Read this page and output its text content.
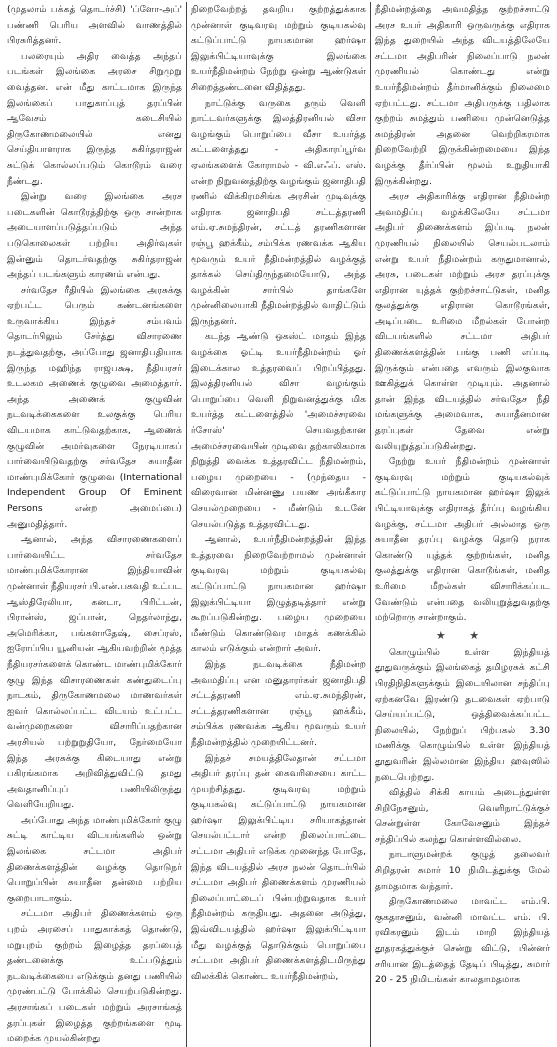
(முதலாம் பக்கத் தொடர்ச்சி) 'ப்ளோ-அப்' பண்ணி பெரிய அளவில் வாணத்தில் பிரசுரித்தனர்.

பலரையும் அதிர வைத்த அந்தப் படங்கள் இலங்கை அரசை சிறுமுறு வைத்தன. என் மீது காட்டமாக இருந்த இலங்கைப் பாதுகாப்புத் தரப்பின் ஆவேசம் கடைசியில் திருகோணமலையில் எனது செய்தியாளராக இருந்த சுகிர்தராஜன் சுட்டுக் கொல்லப்படும் கொடூரம் வரை நீண்டது.

இன்று வரை இலங்கை அரச படைகளின் கொடூரத்திற்கு ஒரு சான்றாக அடையாளப்படுத்தப்படும் அந்த படுகொலைகள் பற்றிய அதிர்வுகள் இன்னும் தொடர்வதற்கு சுகிர்தராஜன் அந்தப் படங்களும் காரணம் என்பது.

சர்வதேச ரீதியில் இலங்கை அரசுக்கு ஏற்பட்ட பெரும் கண்டனங்களை உருவாக்கிய இந்தச் சம்பவம் தொடர்பிலும் சேர்த்து விசாரணை நடத்துவதற்கு, அப்போது ஜனாதிபதியாக இருந்த மஹிந்த ராஜபக்ஷ, நீதியரசர் உடலகம அணைக் குழுவை அமைத்தார். அந்த அணைக் குழுவின் நடவடிக்கைகளை உலகுக்கு பெரிய விடயமாக காட்டுவதற்காக, ஆணைக் குழுவின் அமர்வுகளை நேரடியாகப் பார்வையிடுவதற்கு சர்வதேச சுயாதீன மாண்புமிக்கோர் குழுவை (International Independent Group Of Eminent Persons என்ற அமைப்பை) அனுமதித்தார்.

ஆனால், அந்த விசாரணைகளைப் பார்வையிட்ட சர்வதேச மாண்புமிக்கோரான இந்தியாவின் முன்னாள் நீதியரசர் பி.என்.பகவதி உட்பட ஆஸ்திரேலியா, கனடா, பிரிட்டன், பிரான்ஸ், ஜப்பான், நெதர்லாந்து, அமெரிக்கா, பங்களாதேஷ், சைப்ரஸ், ஐரோப்பிய யூனியன் ஆகியவற்றின் மூத்த நீதியரசர்களைக் கொண்ட மாண்புமிக்கோர் குழு இந்த விசாரணைகள் கண்துடைப்பு நாடகம், திருகோணமலை மாணவர்கள் ஐவர் கொல்லப்பட்ட விடயம் உட்பட்ட வன்முறைகளை விசாரிப்பதற்கான அரசியல் பற்றுறுதியோ, நேர்மையோ இந்த அரசுக்கு கிடையாது என்று பகிரங்கமாக அறிவித்துவிட்டு தமது அவதானிப்புப் பணியிலிருந்து வெளியேறியது.

அப்போது அந்த மாண்புமிக்கோர் குழு சுட்டி காட்டிய விடயங்களில் ஒன்று இலங்கை சட்டமா அதிபர் திணைக்களத்தின் வழக்கு தொடுநர் பொறுப்பின் சுயாதீன தன்மை பற்றிய குறைபாடாகும்.

சட்டமா அதிபர் திணைக்களம் ஒரு புறம் அரசைப் பாதுகாக்கத் தொண்டு, மறுபுறம் குற்றம் இழைத்த தரப்பைத் தண்டனைக்கு உட்படுத்தும் நடவடிக்கையை எடுக்கும் தனது பணியில் முரண்பட்டு போக்கில் செயற்படுகின்றது. அரசாங்கப் படைகள் மற்றும் அரசாங்கத் தரப்புகள் இழைத்த குற்றங்களை மூடி மறைக்க முயல்கின்றது

நிறைவேற்றத் தவறிய குற்றத்துக்காக முன்னாள் குடிவரவு மற்றும் குடியகல்வு கட்டுப்பாட்டு நாயகமான ஹர்ஷா இலுக்பிட்டியாவுக்கு இலங்கை உயர்நீதிமன்றம் நேற்று ஒன்று ஆண்டுகள் சிறைத்தண்டனை விதித்தது.

நாட்டுக்கு வருகை தரும் வெளி நாட்டவர்களுக்கு இலத்திரனியல் விசா வழங்கும் பொறுப்பை வீசா உயர்த்த கட்டளைத்தது - அதிகாரப்பூர்வ ஏலங்களைக் கோராமல் - வி.எஃப். எஸ். என்ற நிறுவனத்திற்கு வழங்கும் ஜனாதிபதி ரணில் விக்கிரமசிங்க அரசின் முடிவுக்கு எதிராக ஜனாதிபதி சட்டத்தரணி எம்.ஏ.சுமந்திரன், சட்டத் தரணிகளான ரஞ்பூ ஹக்கீம், சம்பிக்க ரணவக்க ஆகிய மூவரும் உயர் நீதிமன்றத்தில் வழக்குத் தாக்கல் செய்திருந்தமையோடு, அந்த வழக்கின் சார்பில் தாங்களே முன்னிலையாகி நீதிமன்றத்தில் வாதிட்டும் இருந்தனர்.

கடந்த ஆண்டு ஒகஸ்ட் மாதம் இந்த வழக்கை ஓட்டி உயர்நீதிமன்றம் ஓர் இடைக்கால உத்தரவைப் பிறப்பித்தது. இலத்திரனியல் விசா வழங்கும் பொறுப்பை வெளி நிறுவனத்துக்கு மிக உயர்த்த கட்டளைத்தில் 'அமைச்சரவை ர்சோஸ்' செயவதற்கான அமைச்சரவையின் முடிவை தற்காலிகமாக நிறுத்தி வைக்க உத்தரவிட்ட நீதிமன்றம், பழைய முறையை - (முந்தைய - விரைவான மின்னணு பயண அங்கீகார செயல்முறையை - மீண்டும் உடனே செயல்படுத்த உத்தரவிட்டது.

ஆனால், உயர்நீதிமன்றத்தின் இந்த உத்தரவை நிறைவேற்றாமல் முன்னாள் குடிவரவு மற்றும் குடியகல்வு கட்டுப்பாட்டு நாயகமான ஹர்ஷா இலுக்பிட்டியா இழுத்தடித்தார் என்று கூறப்படுகின்றது. பழைய முறையை மீண்டும் கொண்டுவர மாதக் கணக்கில் காலம் எடுக்கும் என்றார் அவர்.

இந்த நடவடிக்கை நீதிமன்ற அவமதிப்பு என மனுதாரர்கள் ஜனாதிபதி சட்டத்தரணி எம்.ஏ.சுமந்திரன், சட்டத்தரணிகளான ரஞ்பூ ஹக்கீம், சம்பிக்க ரணவக்க ஆகிய மூவரும் உயர் நீதிமன்றத்தில் முறையிட்டனர்.

இந்தச் சமயத்திலேதான் சட்டமா அதிபர் தரப்பு தன் கைவரிசையை காட்ட முயற்சித்தது. குடிவரவு மற்றும் குடியகல்வு கட்டுப்பாட்டு நாயகமான ஹர்ஷா இலுக்பிட்டிய சரியாகத்தான் செயல்பட்டார் என்ற நிலைப்பாட்டை சட்டமா அதிபர் எடுக்க முனைந்த போதே, இந்த விடயத்தில் அரச நலன் தொடர்பில் சட்டமா அதிபர் திணைக்களம் முரணியல் நிலைப்பாட்டைப் பின்பற்றுவதாக உயர் நீதிமன்றம் கருதியது. அதனை அடுத்து, இவ்விடயத்தில் ஹர்ஷா இலுக்பிட்டியா மீது வழக்குத் தொடுக்கும் பொறுப்பை சட்டமா அதிபர் திணைக்களத்திடமிருந்து விலக்கிக் கொண்ட உயர்நீதிமன்றம்,

நீதிமன்றத்தை அவமதித்த குற்றச்சாட்டு அரச உயர் அதிகாரி ஒருவருக்கு எதிராக இந்த துறையில் அந்த விடயத்திலேயே சட்டமா அதிபரின் நிலைப்பாடு நலன் முரணியல் கொண்டது என்று உயர்நீதிமன்றம் தீர்மானிக்கும் நிலைமை ஏற்பட்டது. சட்டமா அதிபருக்கு பதிலாக குற்றம் சுமத்தும் பணியை முன்னெடுத்த சுமந்திரன் அதனை வெற்றிகரமாக நிறைவேற்றி இருக்கின்றமையை இந்த வழக்கு தீர்ப்பின் மூலம் உறுதியாகி இருக்கின்றது.

அரச அதிகாரிக்கு எதிரான நீதிமன்ற அவமதிப்பு வழக்கிலேயே சட்டமா அதிபர் திணைக்களம் இப்படி நலன் முரணியல் நிலையில் செயல்படலாம் என்று உயர் நீதிமன்றம் கருதுமானால், அரசு, படைகள் மற்றும் அரச தரப்புக்கு எதிரான யுத்தக் குற்றச்சாட்டுகள், மனித குலத்துக்கு எதிரான கொடூரங்கள், அடிப்படை உரிமை மீறல்கள் போன்ற விடயங்களில் சட்டமா அதிபர் திணைக்களத்தின் பங்கு பணி எப்படி இருக்கும் என்பதை எவரும் இலகுவாக ஊகித்துக் கொள்ள முடியும். அதனால் தான் இந்த விடயத்தில் சர்வதேச நீதி மங்களுக்கு அமைவாக, சுயாதீனமான தரப்புகள் தேவை என்று வலியுறுத்தப்படுகின்றது.

நேற்று உயர் நீதிமன்றம் முன்னாள் குடிவரவு மற்றும் குடியகல்வுக் கட்டுப்பாட்டு நாயகமான ஹர்ஷா இலுக் பிட்டியாவுக்கு எதிராகத் தீர்ப்பு வழங்கிய வழக்கு, சட்டமா அதிபர் அல்லாத ஒரு சுயாதீன தரப்பு வழக்கு தொடு நராக கொண்டு யுத்தக் குற்றங்கள், மனித குலத்துக்கு எதிரான கொடூங்கள், மனித உரிமை மீறல்கள் விசாரிக்கப்பட வேண்டும் என்பதை வலியுறுத்துவதற்கு மற்றொரு சான்றாகும்.

★ ★

கொழும்பில் உள்ள இந்தியத் தூதுவருக்கும் இலங்கைத் தமிழரசுக் கட்சி பிரதிநிதிகளுக்கும் இடையிலான சந்திப்பு ஏற்கனவே இரண்டு தடவைகள் ஏற்பாடு செய்யப்பட்டு, ஒத்திவைக்கப்பட்ட நிலையில், நேற்றுப் பிற்பகல் 3.30 மணிக்கு கொழும்பில் உள்ள இந்தியத் தூதுவரின் இல்லமான இந்திய ஹவுஸில் நடைபெற்றது.

வித்தில் சிக்கி காயம் அடைந்துள்ள சிறிநேசனும், வெளிநாட்டுக்குச் சென்றுள்ள கோவேசனும் இந்தச் சந்திப்பில் கலந்து கொள்ளவில்லை.

நாடாளுமன்றக் குழுத் தலைவர் சிறிதரன் சுமார் 10 நிமிடத்துக்கு மேல் தாமதமாக வந்தார்.

திருகோணமலை மாவட்ட எம்.பி. குகதாசனும், வன்னி மாவட்ட எம். பி. ரவிகரனும் இடம் மாறி இந்தியத் தூதரகத்துக்குச் சென்று விட்டு, பின்னர் சரியான இடத்தைத் தேடிப் பிடித்து, சுமார் 20 - 25 நிமிடங்கள் காலதாமதமாக
